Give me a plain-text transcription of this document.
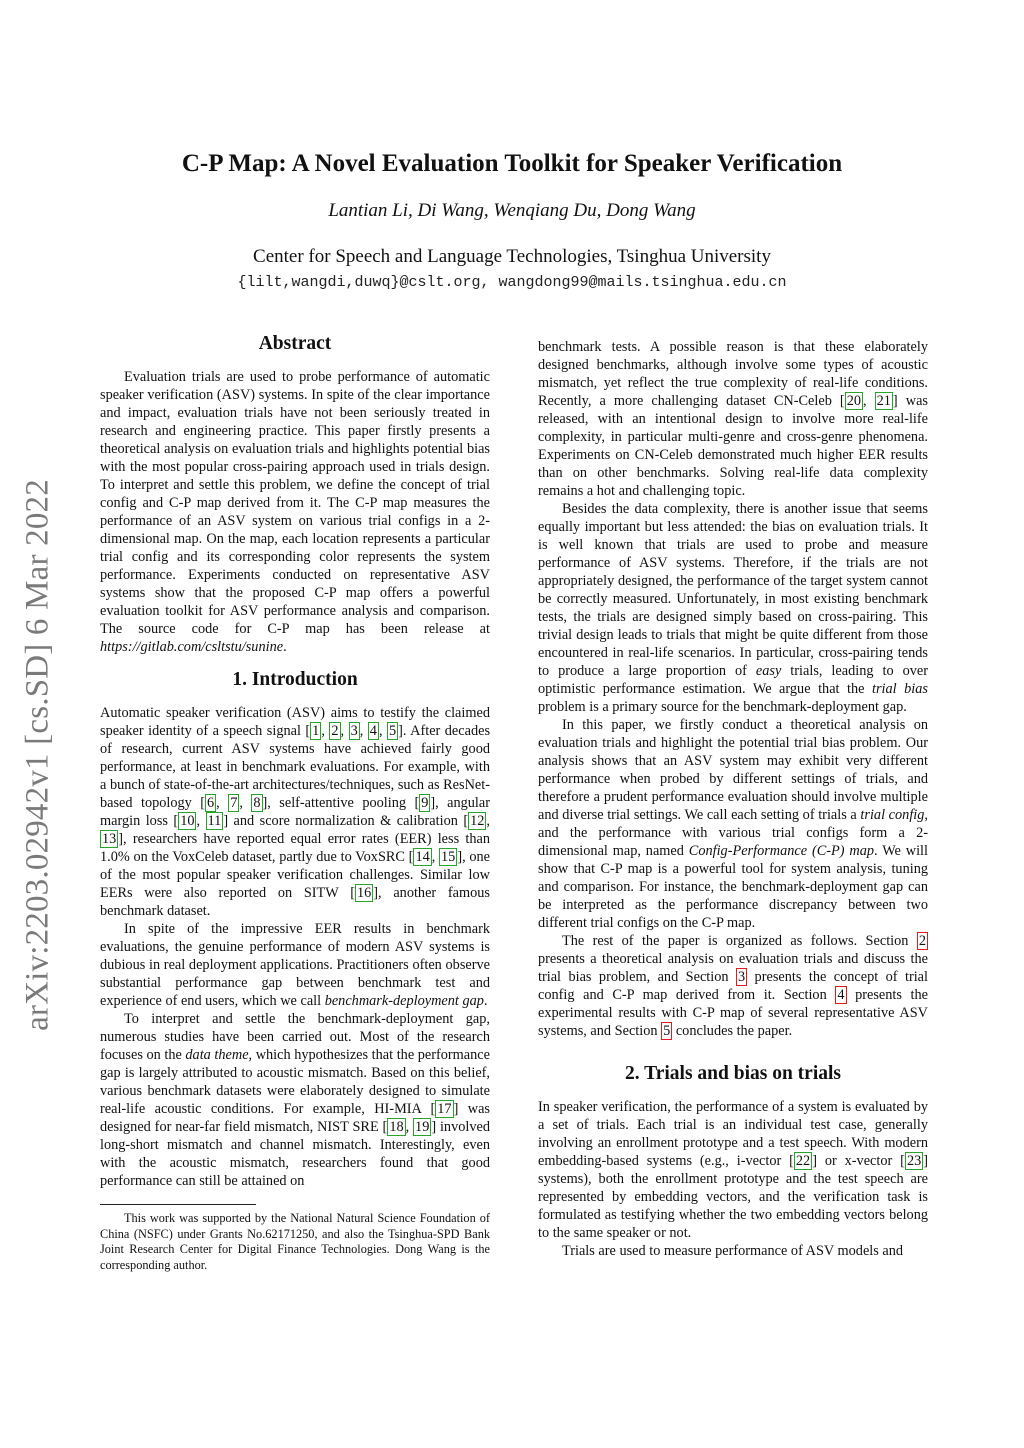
arXiv:2203.02942v1 [cs.SD] 6 Mar 2022
C-P Map: A Novel Evaluation Toolkit for Speaker Verification
Lantian Li, Di Wang, Wenqiang Du, Dong Wang
Center for Speech and Language Technologies, Tsinghua University
{lilt,wangdi,duwq}@cslt.org, wangdong99@mails.tsinghua.edu.cn
Abstract

Evaluation trials are used to probe performance of automatic speaker verification (ASV) systems. In spite of the clear importance and impact, evaluation trials have not been seriously treated in research and engineering practice. This paper firstly presents a theoretical analysis on evaluation trials and highlights potential bias with the most popular cross-pairing approach used in trials design. To interpret and settle this problem, we define the concept of trial config and C-P map derived from it. The C-P map measures the performance of an ASV system on various trial configs in a 2-dimensional map. On the map, each location represents a particular trial config and its corresponding color represents the system performance. Experiments conducted on representative ASV systems show that the proposed C-P map offers a powerful evaluation toolkit for ASV performance analysis and comparison. The source code for C-P map has been release at https://gitlab.com/csltstu/sunine.

1. Introduction

Automatic speaker verification (ASV) aims to testify the claimed speaker identity of a speech signal [ 1 , 2 , 3 , 4 , 5 ]. After decades of research, current ASV systems have achieved fairly good performance, at least in benchmark evaluations. For example, with a bunch of state-of-the-art architectures/techniques, such as ResNet-based topology [ 6 , 7 , 8 ], self-attentive pooling [ 9 ], angular margin loss [ 10 , 11 ] and score normalization & calibration [ 12 , 13 ], researchers have reported equal error rates (EER) less than 1.0% on the VoxCeleb dataset, partly due to VoxSRC [ 14 , 15 ], one of the most popular speaker verification challenges. Similar low EERs were also reported on SITW [ 16 ], another famous benchmark dataset.

In spite of the impressive EER results in benchmark evaluations, the genuine performance of modern ASV systems is dubious in real deployment applications. Practitioners often observe substantial performance gap between benchmark test and experience of end users, which we call benchmark-deployment gap.

To interpret and settle the benchmark-deployment gap, numerous studies have been carried out. Most of the research focuses on the data theme, which hypothesizes that the performance gap is largely attributed to acoustic mismatch. Based on this belief, various benchmark datasets were elaborately designed to simulate real-life acoustic conditions. For example, HI-MIA [ 17 ] was designed for near-far field mismatch, NIST SRE [ 18 , 19 ] involved long-short mismatch and channel mismatch. Interestingly, even with the acoustic mismatch, researchers found that good performance can still be attained on

This work was supported by the National Natural Science Foundation of China (NSFC) under Grants No.62171250, and also the Tsinghua-SPD Bank Joint Research Center for Digital Finance Technologies. Dong Wang is the corresponding author.

benchmark tests. A possible reason is that these elaborately designed benchmarks, although involve some types of acoustic mismatch, yet reflect the true complexity of real-life conditions. Recently, a more challenging dataset CN-Celeb [ 20 , 21 ] was released, with an intentional design to involve more real-life complexity, in particular multi-genre and cross-genre phenomena. Experiments on CN-Celeb demonstrated much higher EER results than on other benchmarks. Solving real-life data complexity remains a hot and challenging topic.

Besides the data complexity, there is another issue that seems equally important but less attended: the bias on evaluation trials. It is well known that trials are used to probe and measure performance of ASV systems. Therefore, if the trials are not appropriately designed, the performance of the target system cannot be correctly measured. Unfortunately, in most existing benchmark tests, the trials are designed simply based on cross-pairing. This trivial design leads to trials that might be quite different from those encountered in real-life scenarios. In particular, cross-pairing tends to produce a large proportion of easy trials, leading to over optimistic performance estimation. We argue that the trial bias problem is a primary source for the benchmark-deployment gap.

In this paper, we firstly conduct a theoretical analysis on evaluation trials and highlight the potential trial bias problem. Our analysis shows that an ASV system may exhibit very different performance when probed by different settings of trials, and therefore a prudent performance evaluation should involve multiple and diverse trial settings. We call each setting of trials a trial config, and the performance with various trial configs form a 2-dimensional map, named Config-Performance (C-P) map. We will show that C-P map is a powerful tool for system analysis, tuning and comparison. For instance, the benchmark-deployment gap can be interpreted as the performance discrepancy between two different trial configs on the C-P map.

The rest of the paper is organized as follows. Section 2 presents a theoretical analysis on evaluation trials and discuss the trial bias problem, and Section 3 presents the concept of trial config and C-P map derived from it. Section 4 presents the experimental results with C-P map of several representative ASV systems, and Section 5 concludes the paper.

2. Trials and bias on trials

In speaker verification, the performance of a system is evaluated by a set of trials. Each trial is an individual test case, generally involving an enrollment prototype and a test speech. With modern embedding-based systems (e.g., i-vector [ 22 ] or x-vector [ 23 ] systems), both the enrollment prototype and the test speech are represented by embedding vectors, and the verification task is formulated as testifying whether the two embedding vectors belong to the same speaker or not.

Trials are used to measure performance of ASV models and
